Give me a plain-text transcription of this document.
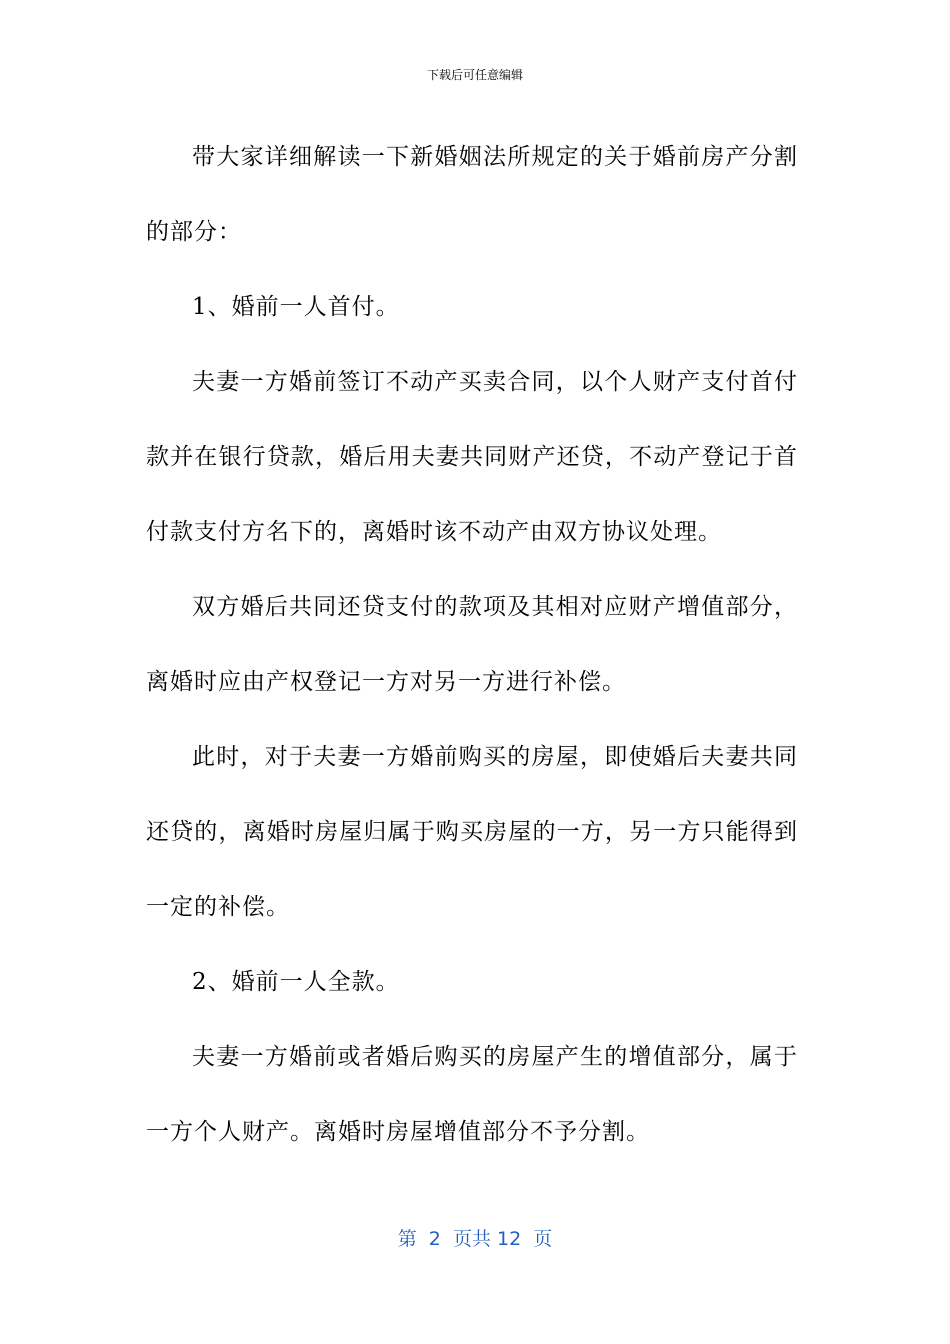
下载后可任意编辑

带大家详细解读一下新婚姻法所规定的关于婚前房产分割的部分：

1、婚前一人首付。

夫妻一方婚前签订不动产买卖合同，以个人财产支付首付款并在银行贷款，婚后用夫妻共同财产还贷，不动产登记于首付款支付方名下的，离婚时该不动产由双方协议处理。

双方婚后共同还贷支付的款项及其相对应财产增值部分，离婚时应由产权登记一方对另一方进行补偿。

此时，对于夫妻一方婚前购买的房屋，即使婚后夫妻共同还贷的，离婚时房屋归属于购买房屋的一方，另一方只能得到一定的补偿。

2、婚前一人全款。

夫妻一方婚前或者婚后购买的房屋产生的增值部分，属于一方个人财产。离婚时房屋增值部分不予分割。

第  2  页共 12  页
